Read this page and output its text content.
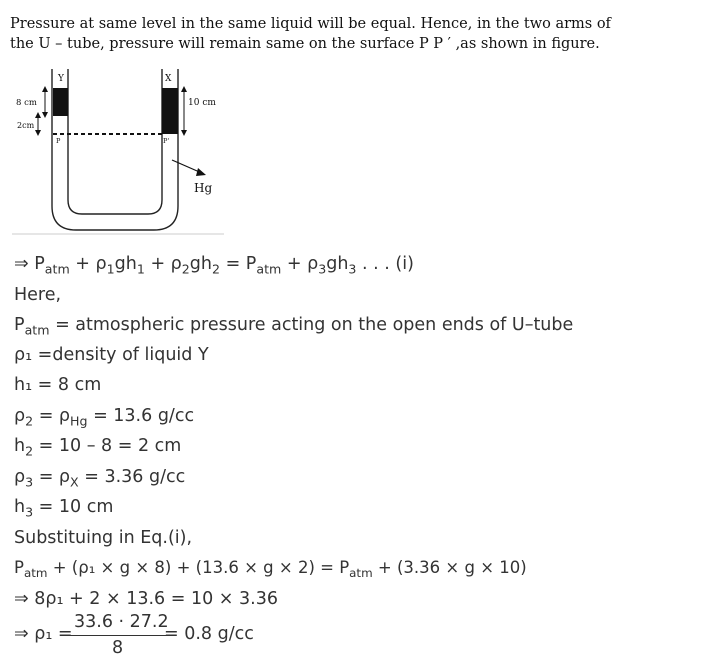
Pressure at same level in the same liquid will be equal. Hence, in the two arms of
the U – tube, pressure will remain same on the surface P P ′ ,as shown in figure.
Y	X
8 cm
2cm
10 cm
P	P'
Hg
⇒ $P_{atm} + \rho_1gh_1 + \rho_2gh_2 = P_{atm} + \rho_3gh_3$ . . . (i)
Here,
$P_{atm}$ = atmospheric pressure acting on the open ends of U–tube
ρ₁ =density of liquid Y
h₁ = 8 cm
$\rho_2 = \rho_{Hg} = 13.6$ g/cc
$h_2 = 10 - 8 = 2$ cm
$\rho_3 = \rho_X = 3.36$ g/cc
$h_3 = 10$ cm
Substituing in Eq.(i),
$P_{atm} + (\rho_1 \times g \times 8) + (13.6 \times g \times 2) = P_{atm} + (3.36 \times g \times 10)$
⇒ 8ρ₁ + 2 × 13.6 = 10 × 3.36
⇒ ρ₁ =
33.6 · 27.2
8
= 0.8 g/cc
